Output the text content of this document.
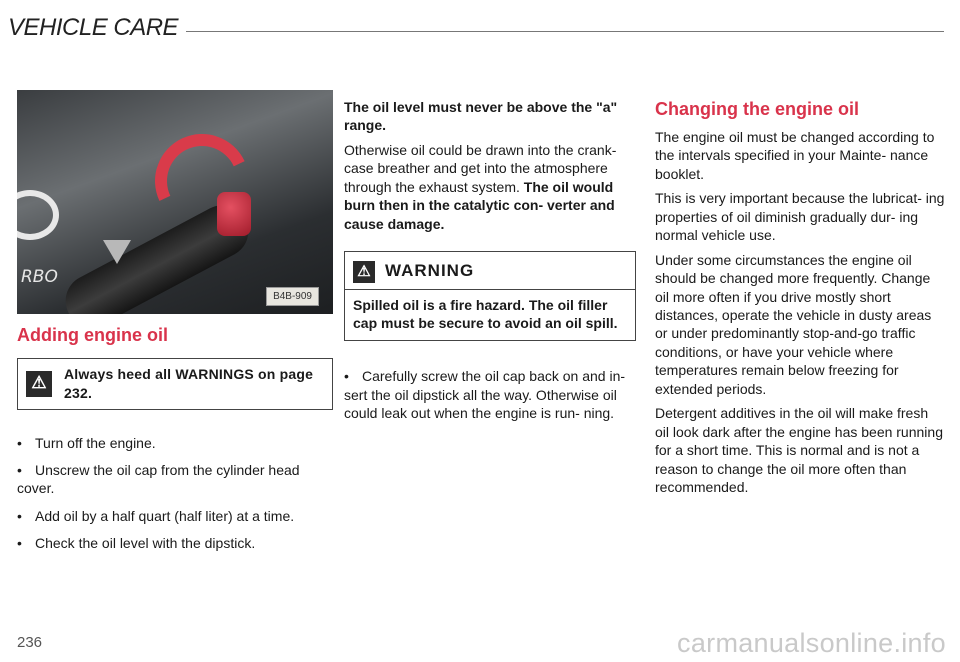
VEHICLE CARE
RBO
B4B-909
Adding engine oil
⚠	Always heed all WARNINGS on page 232.
• Turn off the engine.
• Unscrew the oil cap from the cylinder head cover.
• Add oil by a half quart (half liter) at a time.
• Check the oil level with the dipstick.

The oil level must never be above the "a" range.

Otherwise oil could be drawn into the crank- case breather and get into the atmosphere through the exhaust system. The oil would burn then in the catalytic con- verter and cause damage.

⚠ WARNING
Spilled oil is a fire hazard. The oil filler cap must be secure to avoid an oil spill.
• Carefully screw the oil cap back on and in- sert the oil dipstick all the way. Otherwise oil could leak out when the engine is run- ning.
Changing the engine oil

The engine oil must be changed according to the intervals specified in your Mainte- nance booklet.

This is very important because the lubricat- ing properties of oil diminish gradually dur- ing normal vehicle use.

Under some circumstances the engine oil should be changed more frequently. Change oil more often if you drive mostly short distances, operate the vehicle in dusty areas or under predominantly stop-and-go traffic conditions, or have your vehicle where temperatures remain below freezing for extended periods.

Detergent additives in the oil will make fresh oil look dark after the engine has been running for a short time. This is normal and is not a reason to change the oil more often than recommended.

236	carmanualsonline.info
